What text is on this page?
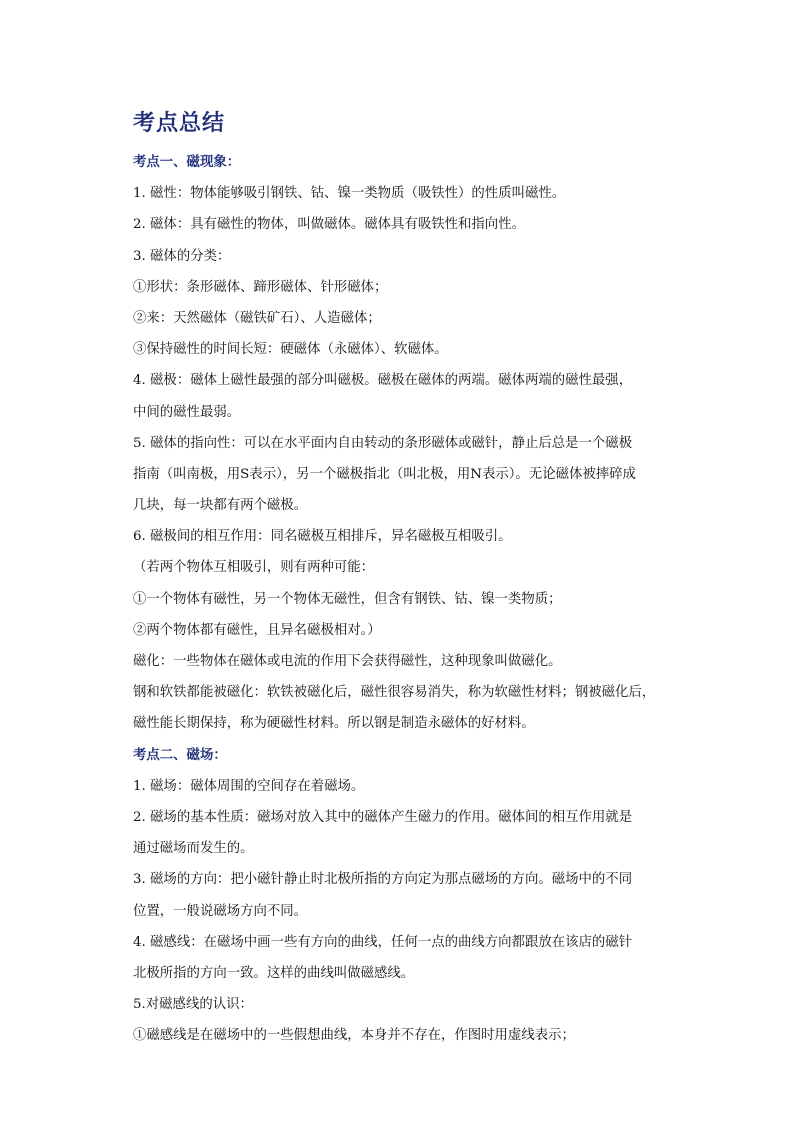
考点总结
考点一、磁现象：
1. 磁性：物体能够吸引钢铁、钴、镍一类物质（吸铁性）的性质叫磁性。
2. 磁体：具有磁性的物体，叫做磁体。磁体具有吸铁性和指向性。
3. 磁体的分类：
①形状：条形磁体、蹄形磁体、针形磁体；
②来：天然磁体（磁铁矿石）、人造磁体；
③保持磁性的时间长短：硬磁体（永磁体）、软磁体。
4. 磁极：磁体上磁性最强的部分叫磁极。磁极在磁体的两端。磁体两端的磁性最强，
中间的磁性最弱。
5. 磁体的指向性：可以在水平面内自由转动的条形磁体或磁针，静止后总是一个磁极
指南（叫南极，用S表示），另一个磁极指北（叫北极，用N表示）。无论磁体被摔碎成
几块，每一块都有两个磁极。
6. 磁极间的相互作用：同名磁极互相排斥，异名磁极互相吸引。
（若两个物体互相吸引，则有两种可能：
①一个物体有磁性，另一个物体无磁性，但含有钢铁、钴、镍一类物质；
②两个物体都有磁性，且异名磁极相对。）
磁化：一些物体在磁体或电流的作用下会获得磁性，这种现象叫做磁化。
钢和软铁都能被磁化：软铁被磁化后，磁性很容易消失，称为软磁性材料；钢被磁化后，
磁性能长期保持，称为硬磁性材料。所以钢是制造永磁体的好材料。
考点二、磁场：
1. 磁场：磁体周围的空间存在着磁场。
2. 磁场的基本性质：磁场对放入其中的磁体产生磁力的作用。磁体间的相互作用就是
通过磁场而发生的。
3. 磁场的方向：把小磁针静止时北极所指的方向定为那点磁场的方向。磁场中的不同
位置，一般说磁场方向不同。
4. 磁感线：在磁场中画一些有方向的曲线，任何一点的曲线方向都跟放在该店的磁针
北极所指的方向一致。这样的曲线叫做磁感线。
5.对磁感线的认识：
①磁感线是在磁场中的一些假想曲线，本身并不存在，作图时用虚线表示；
